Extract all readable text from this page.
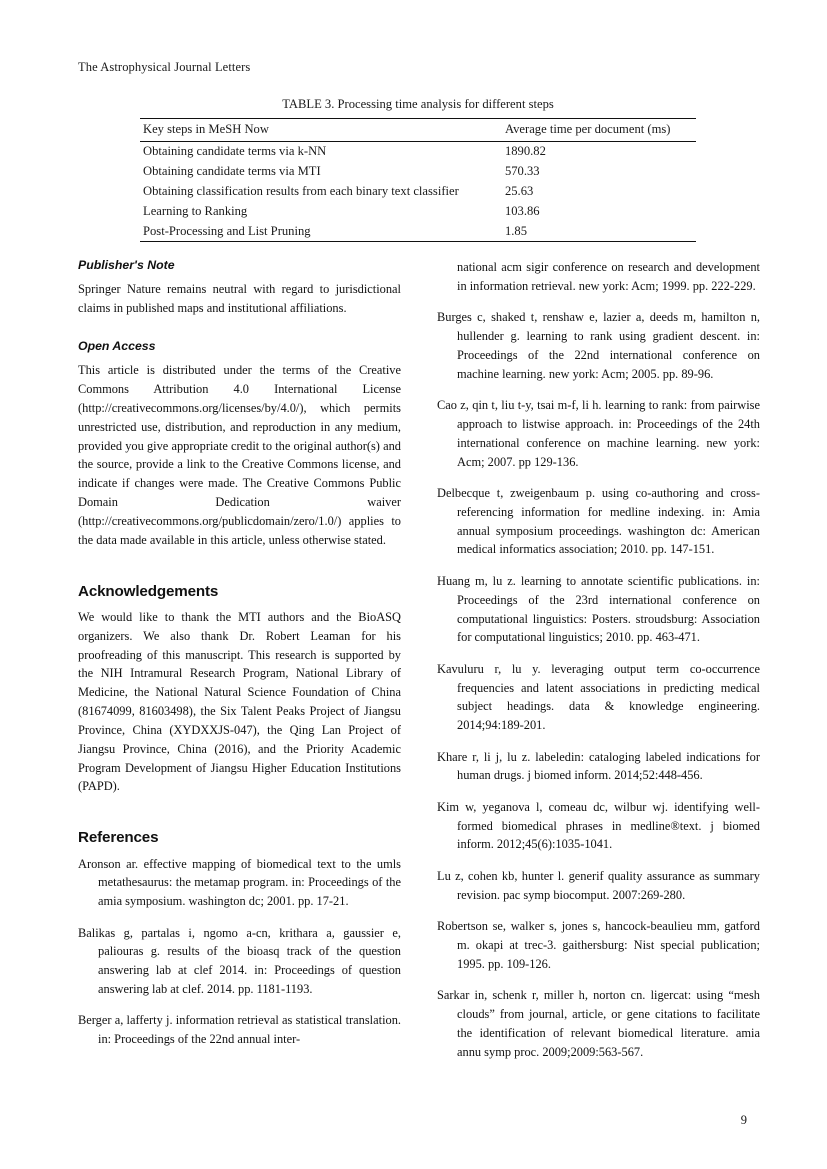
The Astrophysical Journal Letters
TABLE 3. Processing time analysis for different steps
Key steps in MeSH Now	Average time per document (ms)
Obtaining candidate terms via k-NN	1890.82
Obtaining candidate terms via MTI	570.33
Obtaining classification results from each binary text classifier	25.63
Learning to Ranking	103.86
Post-Processing and List Pruning	1.85
Publisher's Note

Springer Nature remains neutral with regard to jurisdictional claims in published maps and institutional affiliations.

Open Access

This article is distributed under the terms of the Creative Commons Attribution 4.0 International License (http://creativecommons.org/licenses/by/4.0/), which permits unrestricted use, distribution, and reproduction in any medium, provided you give appropriate credit to the original author(s) and the source, provide a link to the Creative Commons license, and indicate if changes were made. The Creative Commons Public Domain Dedication waiver (http://creativecommons.org/publicdomain/zero/1.0/) applies to the data made available in this article, unless otherwise stated.

Acknowledgements

We would like to thank the MTI authors and the BioASQ organizers. We also thank Dr. Robert Leaman for his proofreading of this manuscript. This research is supported by the NIH Intramural Research Program, National Library of Medicine, the National Natural Science Foundation of China (81674099, 81603498), the Six Talent Peaks Project of Jiangsu Province, China (XYDXXJS-047), the Qing Lan Project of Jiangsu Province, China (2016), and the Priority Academic Program Development of Jiangsu Higher Education Institutions (PAPD).

References

Aronson ar. effective mapping of biomedical text to the umls metathesaurus: the metamap program. in: Proceedings of the amia symposium. washington dc; 2001. pp. 17-21.

Balikas g, partalas i, ngomo a-cn, krithara a, gaussier e, paliouras g. results of the bioasq track of the question answering lab at clef 2014. in: Proceedings of question answering lab at clef. 2014. pp. 1181-1193.

Berger a, lafferty j. information retrieval as statistical translation. in: Proceedings of the 22nd annual inter-

national acm sigir conference on research and development in information retrieval. new york: Acm; 1999. pp. 222-229.

Burges c, shaked t, renshaw e, lazier a, deeds m, hamilton n, hullender g. learning to rank using gradient descent. in: Proceedings of the 22nd international conference on machine learning. new york: Acm; 2005. pp. 89-96.

Cao z, qin t, liu t-y, tsai m-f, li h. learning to rank: from pairwise approach to listwise approach. in: Proceedings of the 24th international conference on machine learning. new york: Acm; 2007. pp 129-136.

Delbecque t, zweigenbaum p. using co-authoring and cross-referencing information for medline indexing. in: Amia annual symposium proceedings. washington dc: American medical informatics association; 2010. pp. 147-151.

Huang m, lu z. learning to annotate scientific publications. in: Proceedings of the 23rd international conference on computational linguistics: Posters. stroudsburg: Association for computational linguistics; 2010. pp. 463-471.

Kavuluru r, lu y. leveraging output term co-occurrence frequencies and latent associations in predicting medical subject headings. data & knowledge engineering. 2014;94:189-201.

Khare r, li j, lu z. labeledin: cataloging labeled indications for human drugs. j biomed inform. 2014;52:448-456.

Kim w, yeganova l, comeau dc, wilbur wj. identifying well-formed biomedical phrases in medline®text. j biomed inform. 2012;45(6):1035-1041.

Lu z, cohen kb, hunter l. generif quality assurance as summary revision. pac symp biocomput. 2007:269-280.

Robertson se, walker s, jones s, hancock-beaulieu mm, gatford m. okapi at trec-3. gaithersburg: Nist special publication; 1995. pp. 109-126.

Sarkar in, schenk r, miller h, norton cn. ligercat: using “mesh clouds” from journal, article, or gene citations to facilitate the identification of relevant biomedical literature. amia annu symp proc. 2009;2009:563-567.

9
